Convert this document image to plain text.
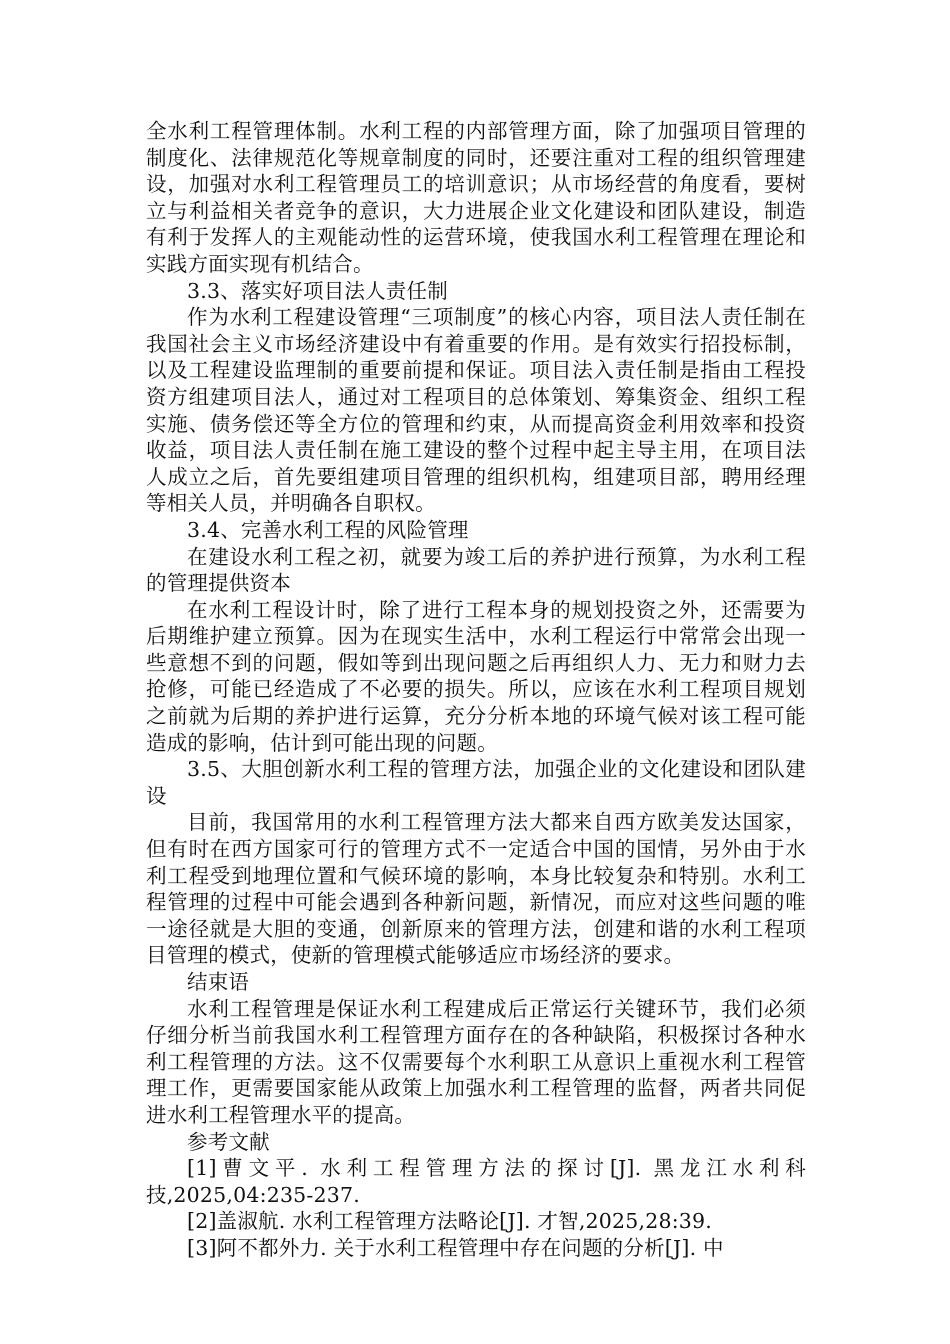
全水利工程管理体制。水利工程的内部管理方面，除了加强项目管理的制度化、法律规范化等规章制度的同时，还要注重对工程的组织管理建设，加强对水利工程管理员工的培训意识；从市场经营的角度看，要树立与利益相关者竞争的意识，大力进展企业文化建设和团队建设，制造有利于发挥人的主观能动性的运营环境，使我国水利工程管理在理论和实践方面实现有机结合。

3.3、落实好项目法人责任制

作为水利工程建设管理“三项制度”的核心内容，项目法人责任制在我国社会主义市场经济建设中有着重要的作用。是有效实行招投标制，以及工程建设监理制的重要前提和保证。项目法入责任制是指由工程投资方组建项目法人，通过对工程项目的总体策划、筹集资金、组织工程实施、债务偿还等全方位的管理和约束，从而提高资金利用效率和投资收益，项目法人责任制在施工建设的整个过程中起主导主用，在项目法人成立之后，首先要组建项目管理的组织机构，组建项目部，聘用经理等相关人员，并明确各自职权。

3.4、完善水利工程的风险管理

在建设水利工程之初，就要为竣工后的养护进行预算，为水利工程的管理提供资本

在水利工程设计时，除了进行工程本身的规划投资之外，还需要为后期维护建立预算。因为在现实生活中，水利工程运行中常常会出现一些意想不到的问题，假如等到出现问题之后再组织人力、无力和财力去抢修，可能已经造成了不必要的损失。所以，应该在水利工程项目规划之前就为后期的养护进行运算，充分分析本地的环境气候对该工程可能造成的影响，估计到可能出现的问题。

3.5、大胆创新水利工程的管理方法，加强企业的文化建设和团队建设

目前，我国常用的水利工程管理方法大都来自西方欧美发达国家，但有时在西方国家可行的管理方式不一定适合中国的国情，另外由于水利工程受到地理位置和气候环境的影响，本身比较复杂和特别。水利工程管理的过程中可能会遇到各种新问题，新情况，而应对这些问题的唯一途径就是大胆的变通，创新原来的管理方法，创建和谐的水利工程项目管理的模式，使新的管理模式能够适应市场经济的要求。

结束语

水利工程管理是保证水利工程建成后正常运行关键环节，我们必须仔细分析当前我国水利工程管理方面存在的各种缺陷，积极探讨各种水利工程管理的方法。这不仅需要每个水利职工从意识上重视水利工程管理工作，更需要国家能从政策上加强水利工程管理的监督，两者共同促进水利工程管理水平的提高。

参考文献

[1]曹文平. 水利工程管理方法的探讨[J]. 黑龙江水利科技,2025,04:235-237.

[2]盖淑航. 水利工程管理方法略论[J]. 才智,2025,28:39.

[3]阿不都外力. 关于水利工程管理中存在问题的分析[J]. 中
